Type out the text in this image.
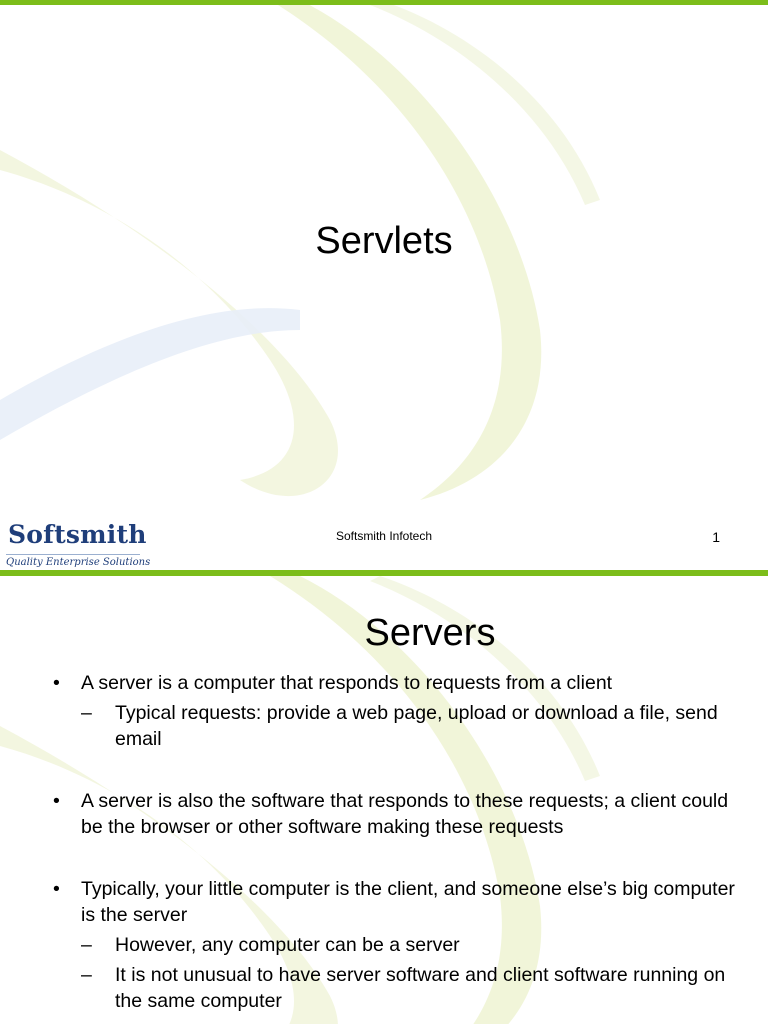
Servlets
Softsmith
Quality Enterprise Solutions
Softsmith Infotech	1
Servers
• A server is a computer that responds to requests from a client
– Typical requests: provide a web page, upload or download a file, send email
• A server is also the software that responds to these requests; a client could be the browser or other software making these requests
• Typically, your little computer is the client, and someone else’s big computer is the server
– However, any computer can be a server
– It is not unusual to have server software and client software running on the same computer
